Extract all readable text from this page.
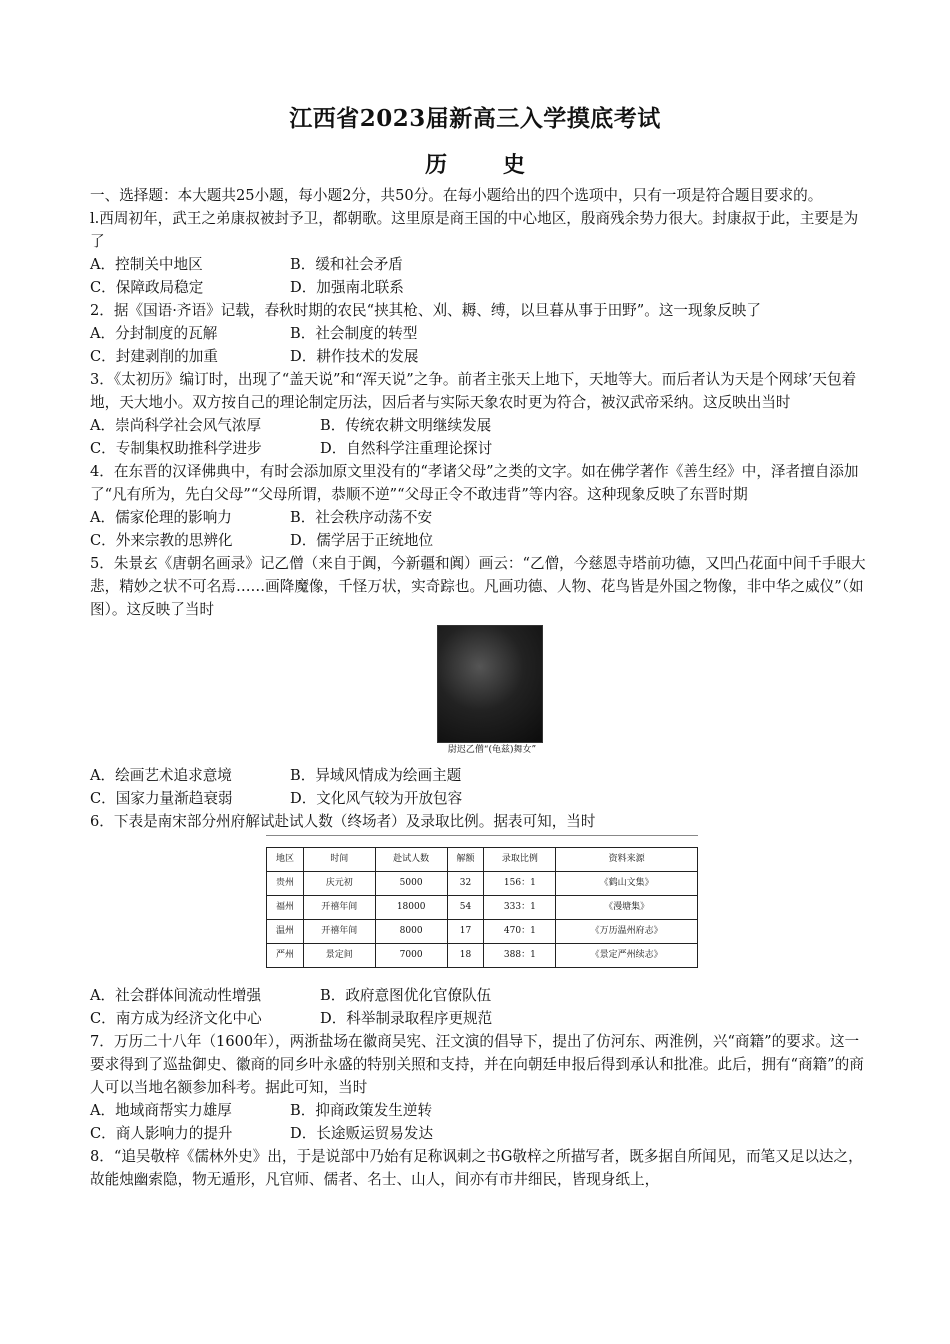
江西省2023届新高三入学摸底考试
历 史

一、选择题：本大题共25小题，每小题2分，共50分。在每小题给出的四个选项中，只有一项是符合题目要求的。

l.西周初年，武王之弟康叔被封予卫，都朝歌。这里原是商王国的中心地区，殷商残余势力很大。封康叔于此，主要是为了

A．控制关中地区	B．缓和社会矛盾
C．保障政局稳定	D．加强南北联系

2．据《国语·齐语》记载，春秋时期的农民“挟其枪、刈、耨、缚，以旦暮从事于田野”。这一现象反映了

A．分封制度的瓦解	B．社会制度的转型
C．封建剥削的加重	D．耕作技术的发展

3．《太初历》编订时，出现了“盖天说”和“浑天说”之争。前者主张天上地下，天地等大。而后者认为天是个网球’天包着地，天大地小。双方按自己的理论制定历法，因后者与实际天象农时更为符合，被汉武帝采纳。这反映出当时

A．崇尚科学社会风气浓厚	B．传统农耕文明继续发展
C．专制集权助推科学进步	D．自然科学注重理论探讨

4．在东晋的汉译佛典中，有时会添加原文里没有的“孝诸父母”之类的文字。如在佛学著作《善生经》中，泽者擅自添加了“凡有所为，先白父母”“父母所谓，恭顺不逆”“父母正令不敢违背”等内容。这种现象反映了东晋时期

A．儒家伦理的影响力	B．社会秩序动荡不安
C．外来宗教的思辨化	D．儒学居于正统地位

5．朱景玄《唐朝名画录》记乙僧（来自于阗，今新疆和阗）画云：“乙僧，今慈恩寺塔前功德，又凹凸花面中间千手眼大悲，精妙之状不可名焉……画降魔像，千怪万状，实奇踪也。凡画功德、人物、花鸟皆是外国之物像，非中华之威仪”（如图）。这反映了当时

尉迟乙僧“(龟兹)舞女”
A．绘画艺术追求意境	B．异域风情成为绘画主题
C．国家力量渐趋衰弱	D．文化风气较为开放包容

6．下表是南宋部分州府解试赴试人数（终场者）及录取比例。据表可知，当时

地区	时间	赴试人数	解额	录取比例	资料来源
贵州	庆元初	5000	32	156：1	《鹤山文集》
福州	开禧年间	18000	54	333：1	《漫塘集》
温州	开禧年间	8000	17	470：1	《万历温州府志》
严州	景定间	7000	18	388：1	《景定严州续志》
A．社会群体间流动性增强	B．政府意图优化官僚队伍
C．南方成为经济文化中心	D．科举制录取程序更规范

7．万历二十八年（1600年），两浙盐场在徽商吴宪、汪文演的倡导下，提出了仿河东、两淮例，兴“商籍”的要求。这一要求得到了巡盐御史、徽商的同乡叶永盛的特别关照和支持，并在向朝廷申报后得到承认和批准。此后，拥有“商籍”的商人可以当地名额参加科考。据此可知，当时

A．地域商帮实力雄厚	B．抑商政策发生逆转
C．商人影响力的提升	D．长途贩运贸易发达

8．“追吴敬梓《儒林外史》出，于是说部中乃始有足称讽刺之书G敬梓之所描写者，既多据自所闻见，而笔又足以达之，故能烛幽索隐，物无遁形，凡官师、儒者、名士、山人，间亦有市井细民，皆现身纸上，
